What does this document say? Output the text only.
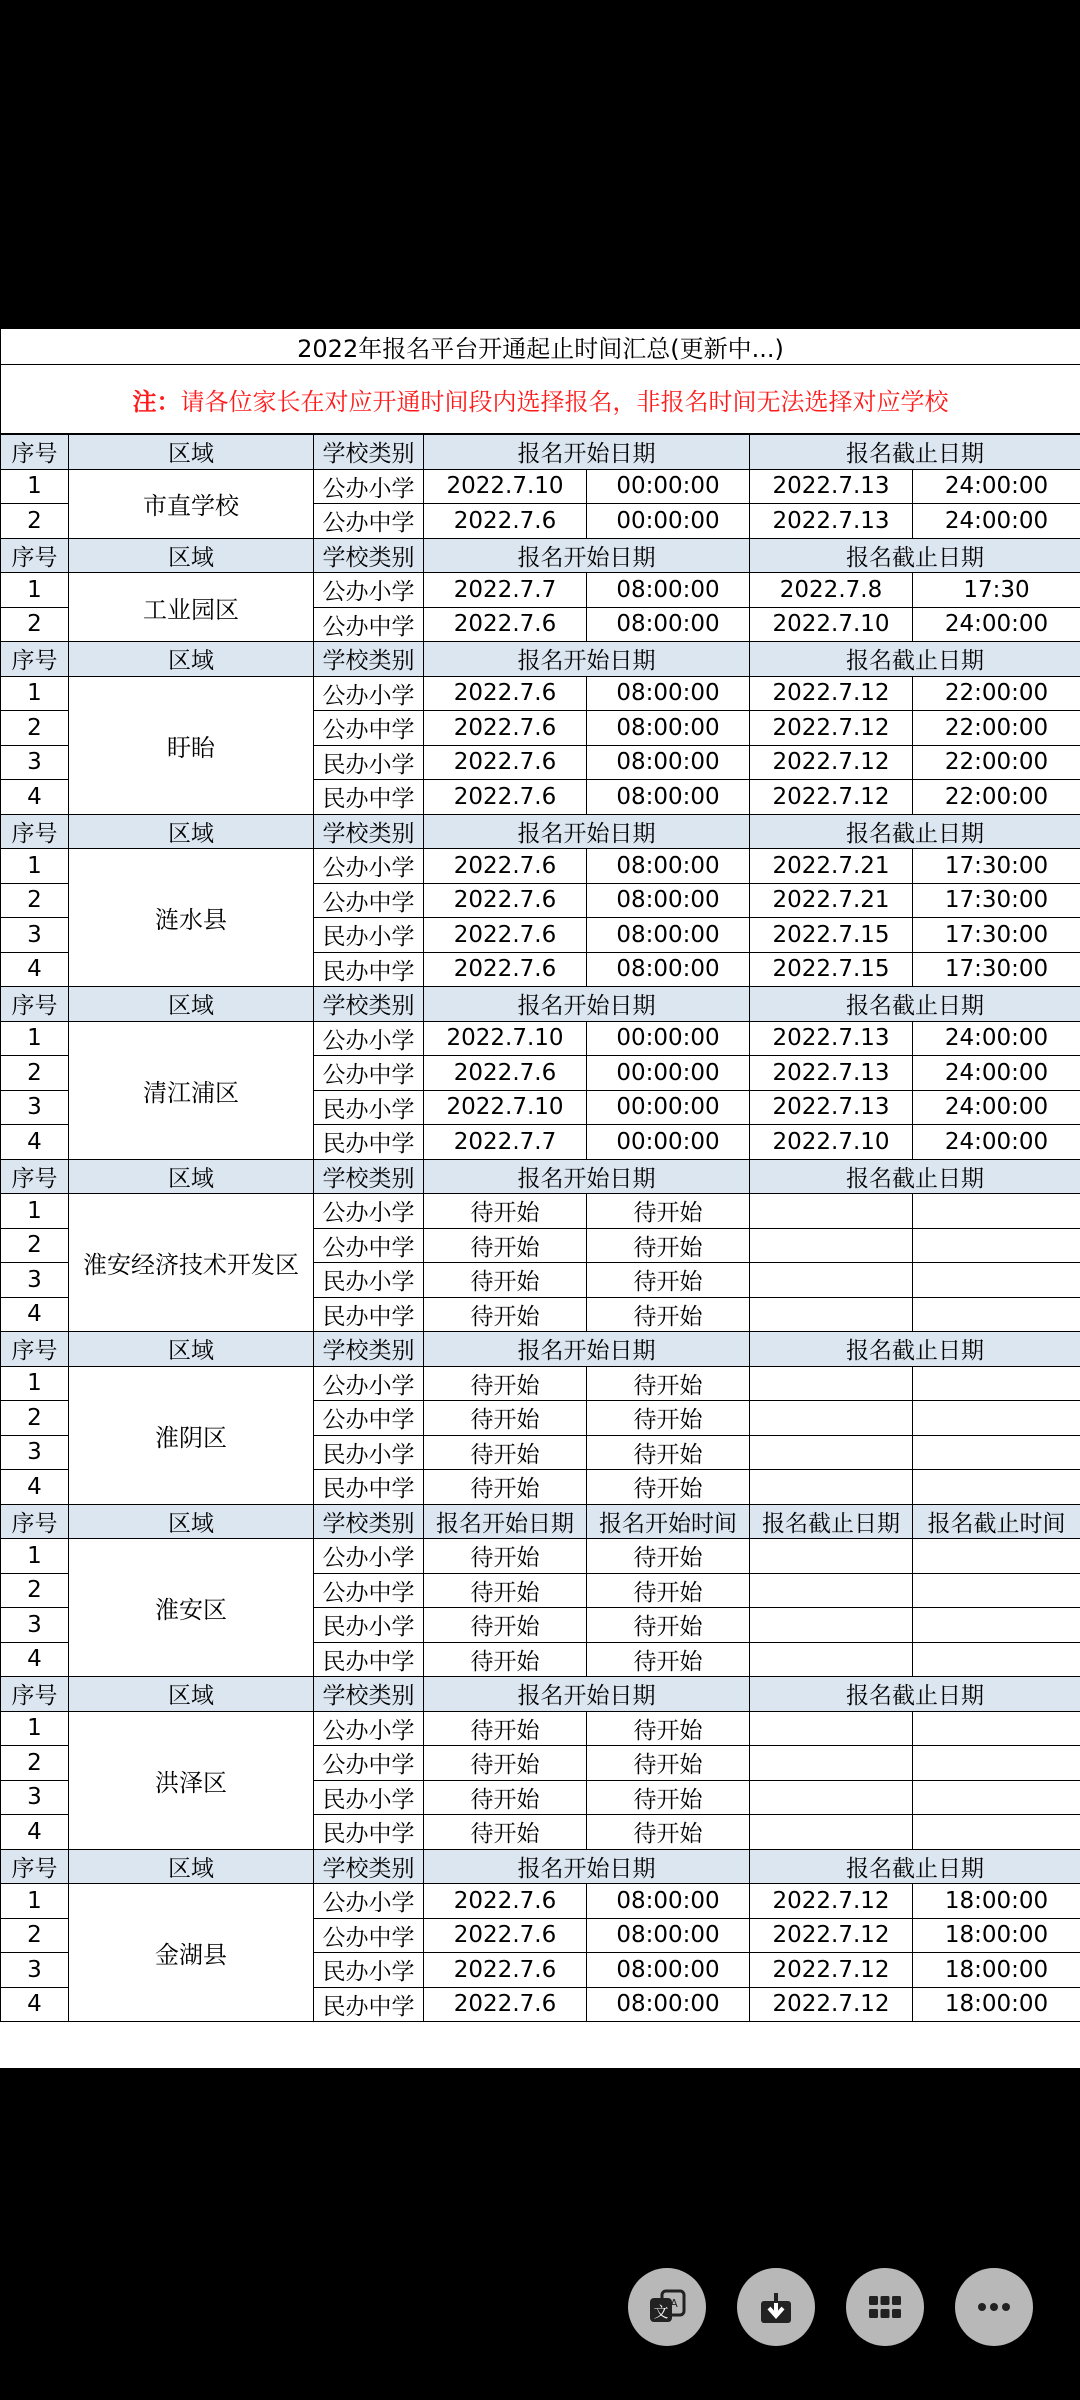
2022年报名平台开通起止时间汇总(更新中...)						
注：请各位家长在对应开通时间段内选择报名，非报名时间无法选择对应学校						
序号	区域	学校类别	报名开始日期		报名截止日期	
1	市直学校	公办小学	2022.7.10	00:00:00	2022.7.13	24:00:00
2		公办中学	2022.7.6	00:00:00	2022.7.13	24:00:00
序号	区域	学校类别	报名开始日期		报名截止日期	
1	工业园区	公办小学	2022.7.7	08:00:00	2022.7.8	17:30
2		公办中学	2022.7.6	08:00:00	2022.7.10	24:00:00
序号	区域	学校类别	报名开始日期		报名截止日期	
1	盱眙	公办小学	2022.7.6	08:00:00	2022.7.12	22:00:00
2		公办中学	2022.7.6	08:00:00	2022.7.12	22:00:00
3		民办小学	2022.7.6	08:00:00	2022.7.12	22:00:00
4		民办中学	2022.7.6	08:00:00	2022.7.12	22:00:00
序号	区域	学校类别	报名开始日期		报名截止日期	
1	涟水县	公办小学	2022.7.6	08:00:00	2022.7.21	17:30:00
2		公办中学	2022.7.6	08:00:00	2022.7.21	17:30:00
3		民办小学	2022.7.6	08:00:00	2022.7.15	17:30:00
4		民办中学	2022.7.6	08:00:00	2022.7.15	17:30:00
序号	区域	学校类别	报名开始日期		报名截止日期	
1	清江浦区	公办小学	2022.7.10	00:00:00	2022.7.13	24:00:00
2		公办中学	2022.7.6	00:00:00	2022.7.13	24:00:00
3		民办小学	2022.7.10	00:00:00	2022.7.13	24:00:00
4		民办中学	2022.7.7	00:00:00	2022.7.10	24:00:00
序号	区域	学校类别	报名开始日期		报名截止日期	
1	淮安经济技术开发区	公办小学	待开始	待开始		
2		公办中学	待开始	待开始		
3		民办小学	待开始	待开始		
4		民办中学	待开始	待开始		
序号	区域	学校类别	报名开始日期		报名截止日期	
1	淮阴区	公办小学	待开始	待开始		
2		公办中学	待开始	待开始		
3		民办小学	待开始	待开始		
4		民办中学	待开始	待开始		
序号	区域	学校类别	报名开始日期	报名开始时间	报名截止日期	报名截止时间
1	淮安区	公办小学	待开始	待开始		
2		公办中学	待开始	待开始		
3		民办小学	待开始	待开始		
4		民办中学	待开始	待开始		
序号	区域	学校类别	报名开始日期		报名截止日期	
1	洪泽区	公办小学	待开始	待开始		
2		公办中学	待开始	待开始		
3		民办小学	待开始	待开始		
4		民办中学	待开始	待开始		
序号	区域	学校类别	报名开始日期		报名截止日期	
1	金湖县	公办小学	2022.7.6	08:00:00	2022.7.12	18:00:00
2		公办中学	2022.7.6	08:00:00	2022.7.12	18:00:00
3		民办小学	2022.7.6	08:00:00	2022.7.12	18:00:00
4		民办中学	2022.7.6	08:00:00	2022.7.12	18:00:00
文 A
